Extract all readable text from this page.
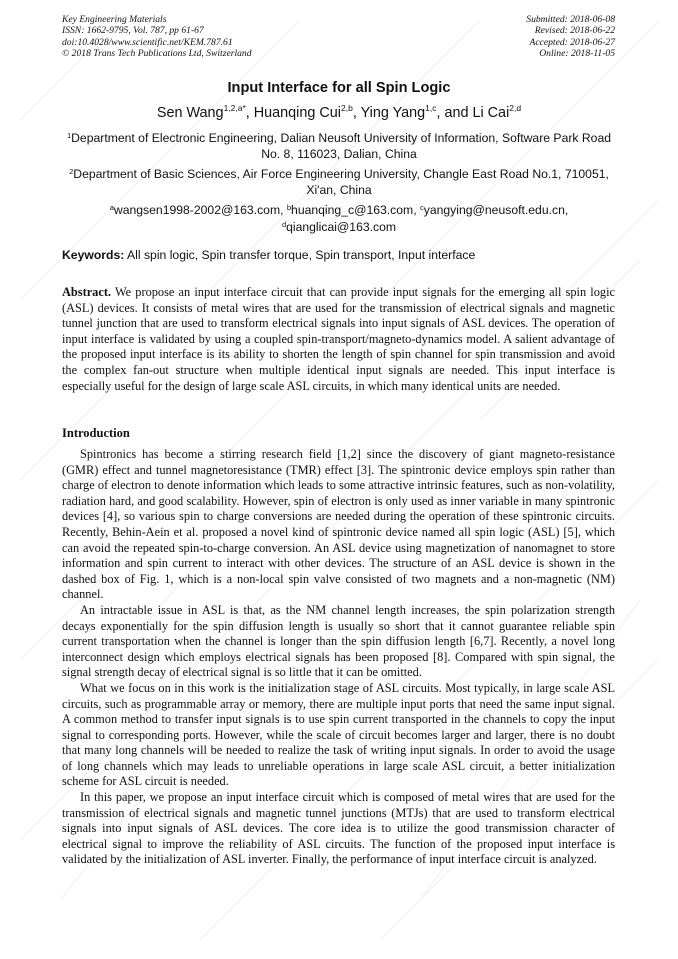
Key Engineering Materials
ISSN: 1662-9795, Vol. 787, pp 61-67
doi:10.4028/www.scientific.net/KEM.787.61
© 2018 Trans Tech Publications Ltd, Switzerland
Submitted: 2018-06-08
Revised: 2018-06-22
Accepted: 2018-06-27
Online: 2018-11-05
Input Interface for all Spin Logic
Sen Wang$^{1,2,a*}$, Huanqing Cui$^{2,b}$, Ying Yang$^{1,c}$, and Li Cai$^{2,d}$
$^1$Department of Electronic Engineering, Dalian Neusoft University of Information, Software Park Road No. 8, 116023, Dalian, China
$^2$Department of Basic Sciences, Air Force Engineering University, Changle East Road No.1, 710051, Xi'an, China
$^a$wangsen1998-2002@163.com, $^b$huanqing_c@163.com, $^c$yangying@neusoft.edu.cn,
$^d$qianglicai@163.com
Keywords: All spin logic, Spin transfer torque, Spin transport, Input interface

Abstract. We propose an input interface circuit that can provide input signals for the emerging all spin logic (ASL) devices. It consists of metal wires that are used for the transmission of electrical signals and magnetic tunnel junction that are used to transform electrical signals into input signals of ASL devices. The operation of input interface is validated by using a coupled spin-transport/magneto-dynamics model. A salient advantage of the proposed input interface is its ability to shorten the length of spin channel for spin transmission and avoid the complex fan-out structure when multiple identical input signals are needed. This input interface is especially useful for the design of large scale ASL circuits, in which many identical units are needed.

Introduction

Spintronics has become a stirring research field [1,2] since the discovery of giant magneto-resistance (GMR) effect and tunnel magnetoresistance (TMR) effect [3]. The spintronic device employs spin rather than charge of electron to denote information which leads to some attractive intrinsic features, such as non-volatility, radiation hard, and good scalability. However, spin of electron is only used as inner variable in many spintronic devices [4], so various spin to charge conversions are needed during the operation of these spintronic circuits. Recently, Behin-Aein et al. proposed a novel kind of spintronic device named all spin logic (ASL) [5], which can avoid the repeated spin-to-charge conversion. An ASL device using magnetization of nanomagnet to store information and spin current to interact with other devices. The structure of an ASL device is shown in the dashed box of Fig. 1, which is a non-local spin valve consisted of two magnets and a non-magnetic (NM) channel.

An intractable issue in ASL is that, as the NM channel length increases, the spin polarization strength decays exponentially for the spin diffusion length is usually so short that it cannot guarantee reliable spin current transportation when the channel is longer than the spin diffusion length [6,7]. Recently, a novel long interconnect design which employs electrical signals has been proposed [8]. Compared with spin signal, the signal strength decay of electrical signal is so little that it can be omitted.

What we focus on in this work is the initialization stage of ASL circuits. Most typically, in large scale ASL circuits, such as programmable array or memory, there are multiple input ports that need the same input signal. A common method to transfer input signals is to use spin current transported in the channels to copy the input signal to corresponding ports. However, while the scale of circuit becomes larger and larger, there is no doubt that many long channels will be needed to realize the task of writing input signals. In order to avoid the usage of long channels which may leads to unreliable operations in large scale ASL circuit, a better initialization scheme for ASL circuit is needed.

In this paper, we propose an input interface circuit which is composed of metal wires that are used for the transmission of electrical signals and magnetic tunnel junctions (MTJs) that are used to transform electrical signals into input signals of ASL devices. The core idea is to utilize the good transmission character of electrical signal to improve the reliability of ASL circuits. The function of the proposed input interface is validated by the initialization of ASL inverter. Finally, the performance of input interface circuit is analyzed.
